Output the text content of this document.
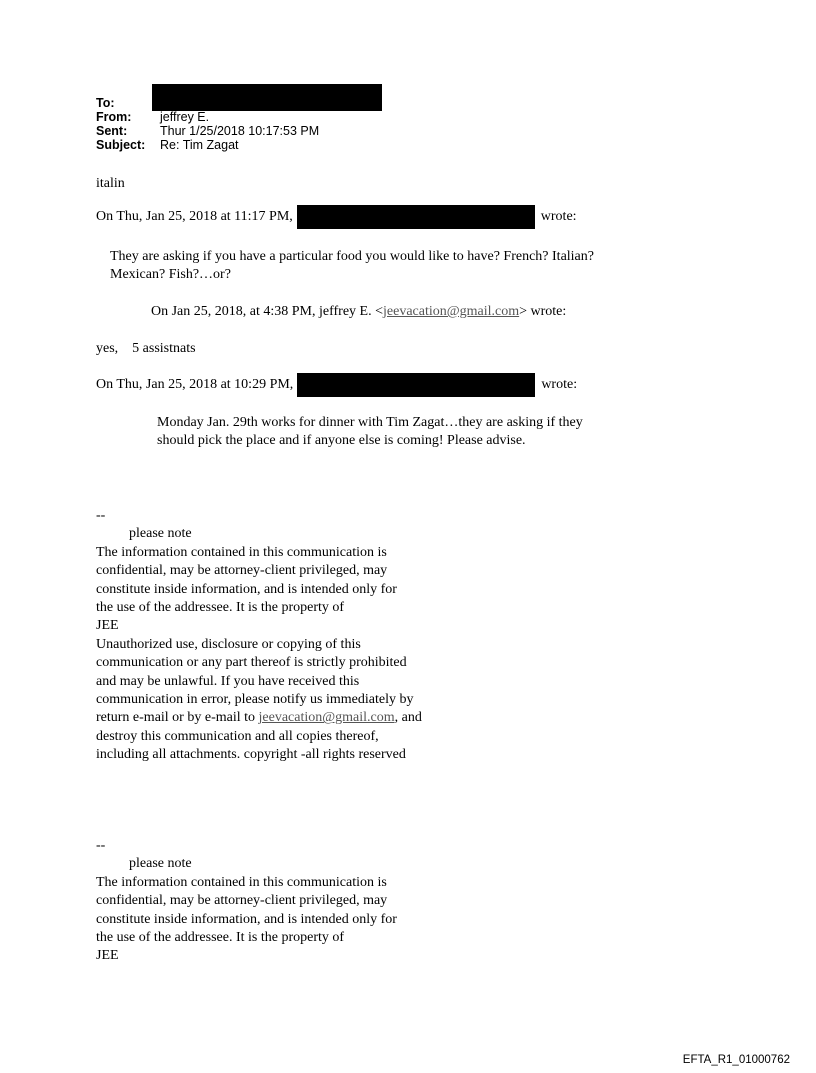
To:
From:	jeffrey E.
Sent:	Thur 1/25/2018 10:17:53 PM
Subject:	Re: Tim Zagat
italin
On Thu, Jan 25, 2018 at 11:17 PM,	wrote:
They are asking if you have a particular food you would like to have? French? Italian?
Mexican? Fish?…or?
On Jan 25, 2018, at 4:38 PM, jeffrey E. <jeevacation@gmail.com> wrote:
yes,    5 assistnats
On Thu, Jan 25, 2018 at 10:29 PM,	wrote:
Monday Jan. 29th works for dinner with Tim Zagat…they are asking if they
should pick the place and if anyone else is coming! Please advise.
--
please note
The information contained in this communication is
confidential, may be attorney-client privileged, may
constitute inside information, and is intended only for
the use of the addressee. It is the property of
JEE
Unauthorized use, disclosure or copying of this
communication or any part thereof is strictly prohibited
and may be unlawful. If you have received this
communication in error, please notify us immediately by
return e-mail or by e-mail to jeevacation@gmail.com, and
destroy this communication and all copies thereof,
including all attachments. copyright -all rights reserved
--
please note
The information contained in this communication is
confidential, may be attorney-client privileged, may
constitute inside information, and is intended only for
the use of the addressee. It is the property of
JEE
EFTA_R1_01000762
